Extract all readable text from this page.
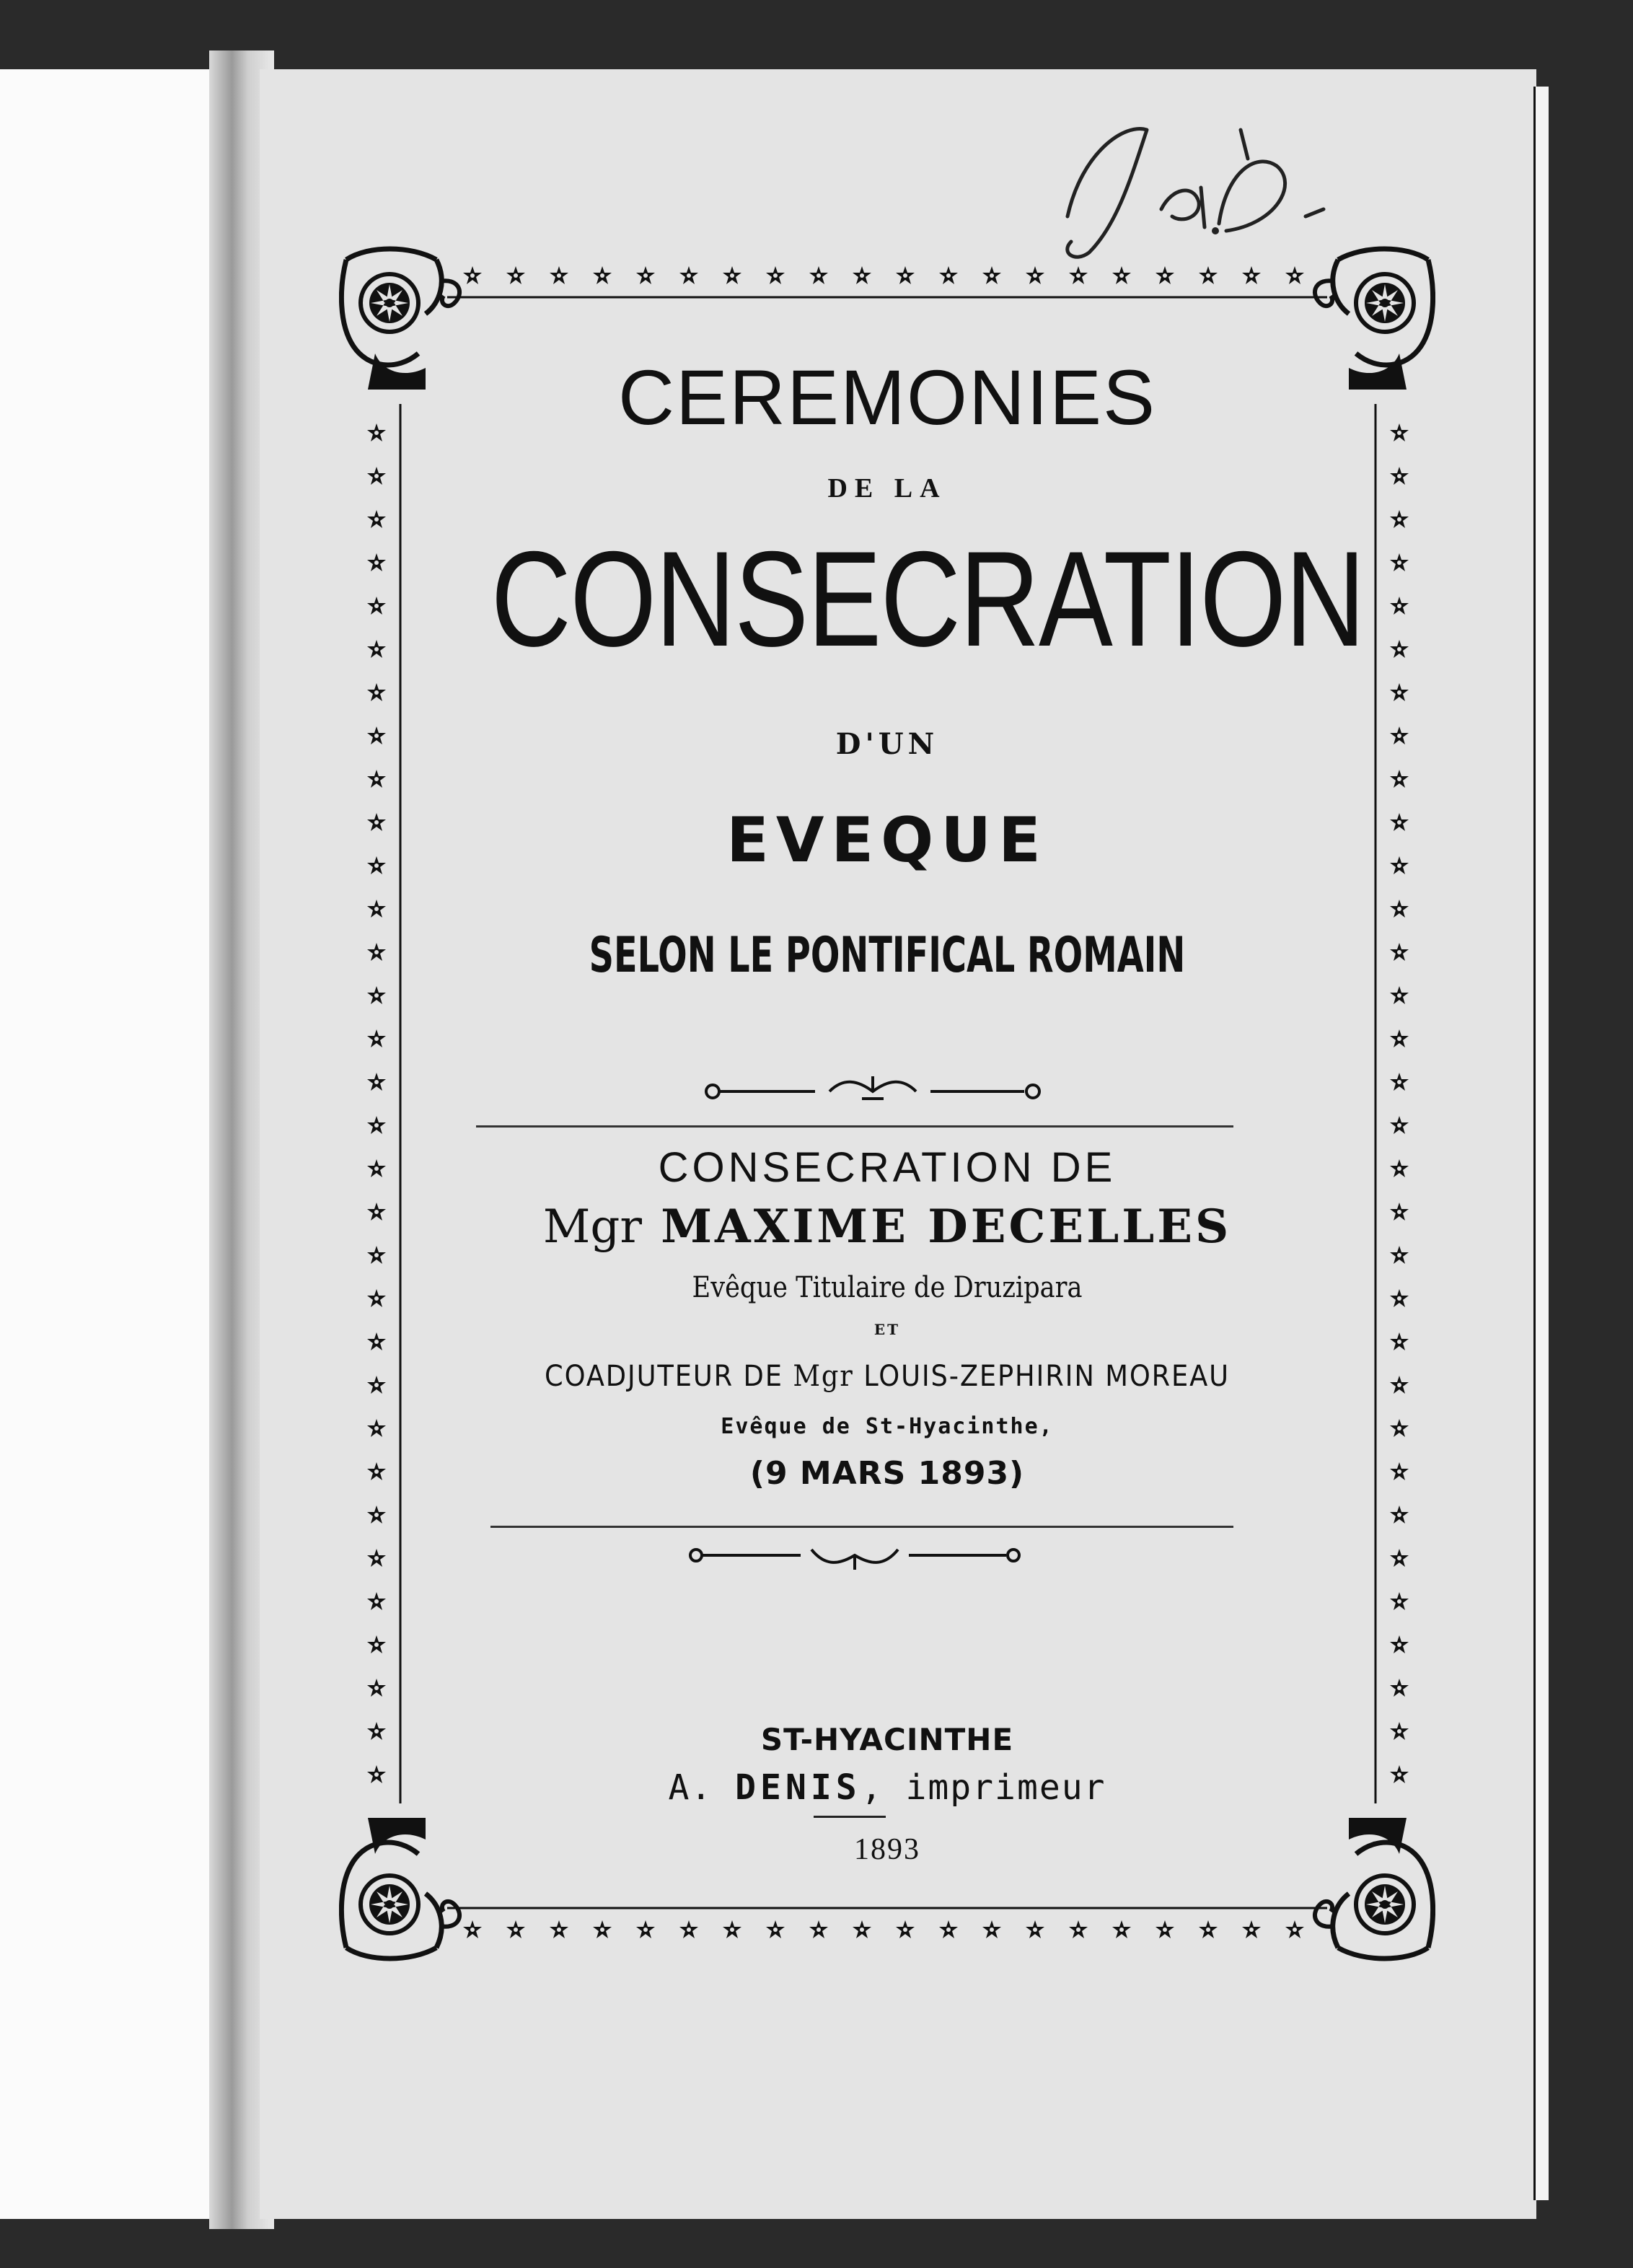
CEREMONIES
DE LA
CONSECRATION
D'UN
EVEQUE
SELON LE PONTIFICAL ROMAIN
CONSECRATION DE
Mgr MAXIME DECELLES
Evêque Titulaire de Druzipara
ET
COADJUTEUR DE Mgr LOUIS-ZEPHIRIN MOREAU
Evêque de St-Hyacinthe,
(9 MARS 1893)
ST-HYACINTHE
A. DENIS, imprimeur
1893
